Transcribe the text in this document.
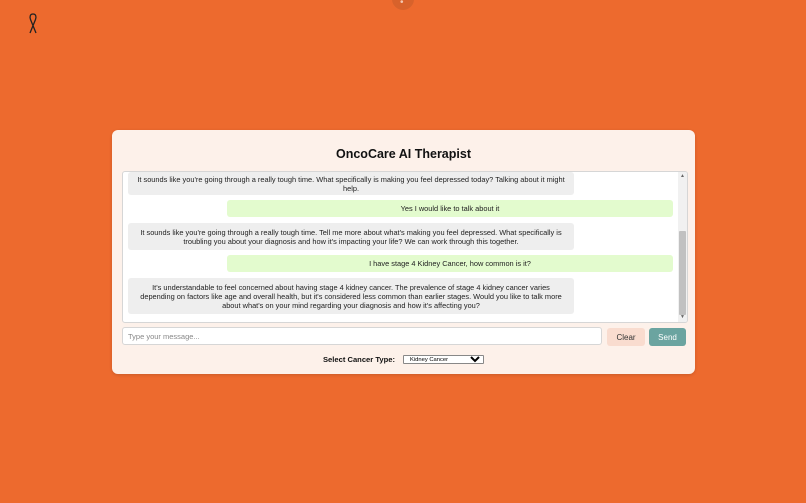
•
OncoCare AI Therapist
It sounds like you're going through a really tough time. What specifically is making you feel depressed today? Talking about it might help.
Yes I would like to talk about it
It sounds like you're going through a really tough time. Tell me more about what's making you feel depressed. What specifically is troubling you about your diagnosis and how it's impacting your life? We can work through this together.
I have stage 4 Kidney Cancer, how common is it?
It's understandable to feel concerned about having stage 4 kidney cancer. The prevalence of stage 4 kidney cancer varies depending on factors like age and overall health, but it's considered less common than earlier stages. Would you like to talk more about what's on your mind regarding your diagnosis and how it's affecting you?
▲
▼
Type your message...
Clear	Send
Select Cancer Type:
Kidney Cancer
